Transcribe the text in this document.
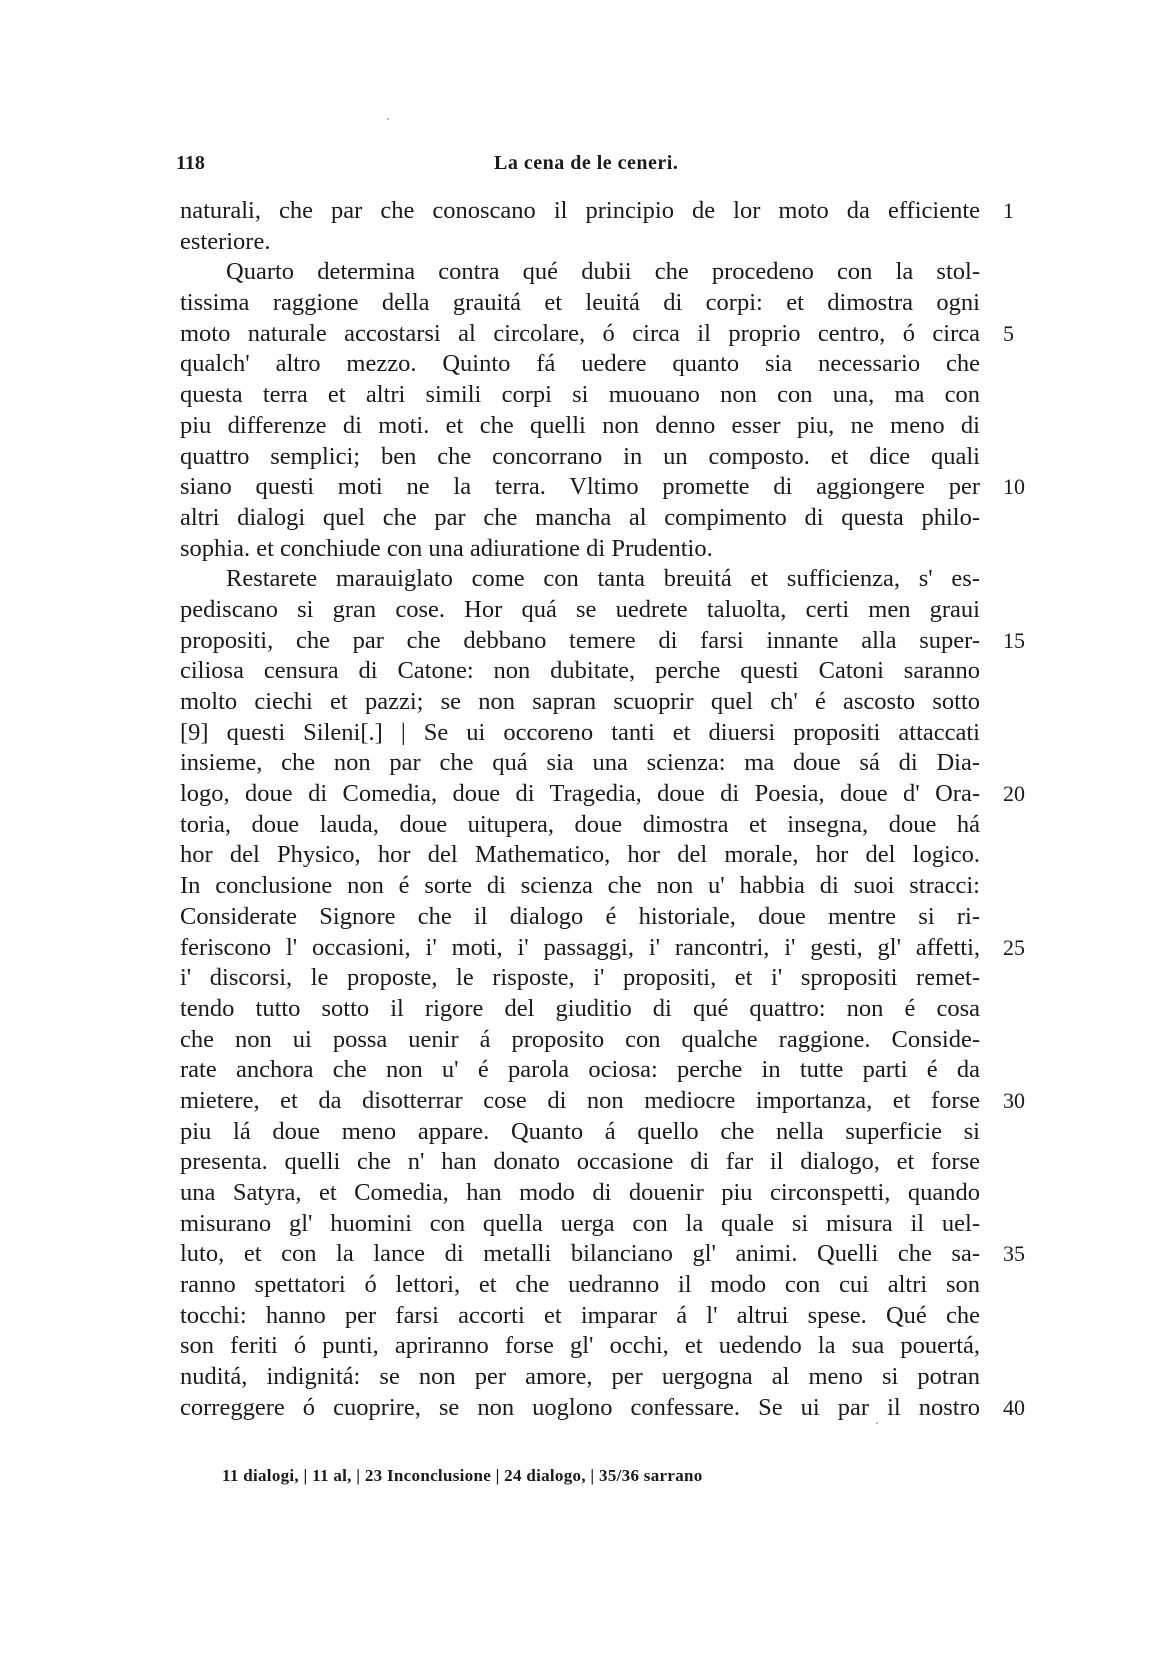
118	La cena de le ceneri.
naturali, che par che conoscano il principio de lor moto da efficiente 1
esteriore.
Quarto determina contra qué dubii che procedeno con la stol-
tissima raggione della grauitá et leuitá di corpi: et dimostra ogni
moto naturale accostarsi al circolare, ó circa il proprio centro, ó circa 5
qualch' altro mezzo. Quinto fá uedere quanto sia necessario che
questa terra et altri simili corpi si muouano non con una, ma con
piu differenze di moti. et che quelli non denno esser piu, ne meno di
quattro semplici; ben che concorrano in un composto. et dice quali
siano questi moti ne la terra. Vltimo promette di aggiongere per 10
altri dialogi quel che par che mancha al compimento di questa philo-
sophia. et conchiude con una adiuratione di Prudentio.
Restarete marauiglato come con tanta breuitá et sufficienza, s' es-
pediscano si gran cose. Hor quá se uedrete taluolta, certi men graui
propositi, che par che debbano temere di farsi innante alla super- 15
ciliosa censura di Catone: non dubitate, perche questi Catoni saranno
molto ciechi et pazzi; se non sapran scuoprir quel ch' é ascosto sotto
[9] questi Sileni[.] | Se ui occoreno tanti et diuersi propositi attaccati
insieme, che non par che quá sia una scienza: ma doue sá di Dia-
logo, doue di Comedia, doue di Tragedia, doue di Poesia, doue d' Ora- 20
toria, doue lauda, doue uitupera, doue dimostra et insegna, doue há
hor del Physico, hor del Mathematico, hor del morale, hor del logico.
In conclusione non é sorte di scienza che non u' habbia di suoi stracci:
Considerate Signore che il dialogo é historiale, doue mentre si ri-
feriscono l' occasioni, i' moti, i' passaggi, i' rancontri, i' gesti, gl' affetti, 25
i' discorsi, le proposte, le risposte, i' propositi, et i' spropositi remet-
tendo tutto sotto il rigore del giuditio di qué quattro: non é cosa
che non ui possa uenir á proposito con qualche raggione. Conside-
rate anchora che non u' é parola ociosa: perche in tutte parti é da
mietere, et da disotterrar cose di non mediocre importanza, et forse 30
piu lá doue meno appare. Quanto á quello che nella superficie si
presenta. quelli che n' han donato occasione di far il dialogo, et forse
una Satyra, et Comedia, han modo di douenir piu circonspetti, quando
misurano gl' huomini con quella uerga con la quale si misura il uel-
luto, et con la lance di metalli bilanciano gl' animi. Quelli che sa- 35
ranno spettatori ó lettori, et che uedranno il modo con cui altri son
tocchi: hanno per farsi accorti et imparar á l' altrui spese. Qué che
son feriti ó punti, apriranno forse gl' occhi, et uedendo la sua pouertá,
nuditá, indignitá: se non per amore, per uergogna al meno si potran
correggere ó cuoprire, se non uoglono confessare. Se ui par il nostro 40
11 dialogi, | 11 al, | 23 Inconclusione | 24 dialogo, | 35/36 sarrano
